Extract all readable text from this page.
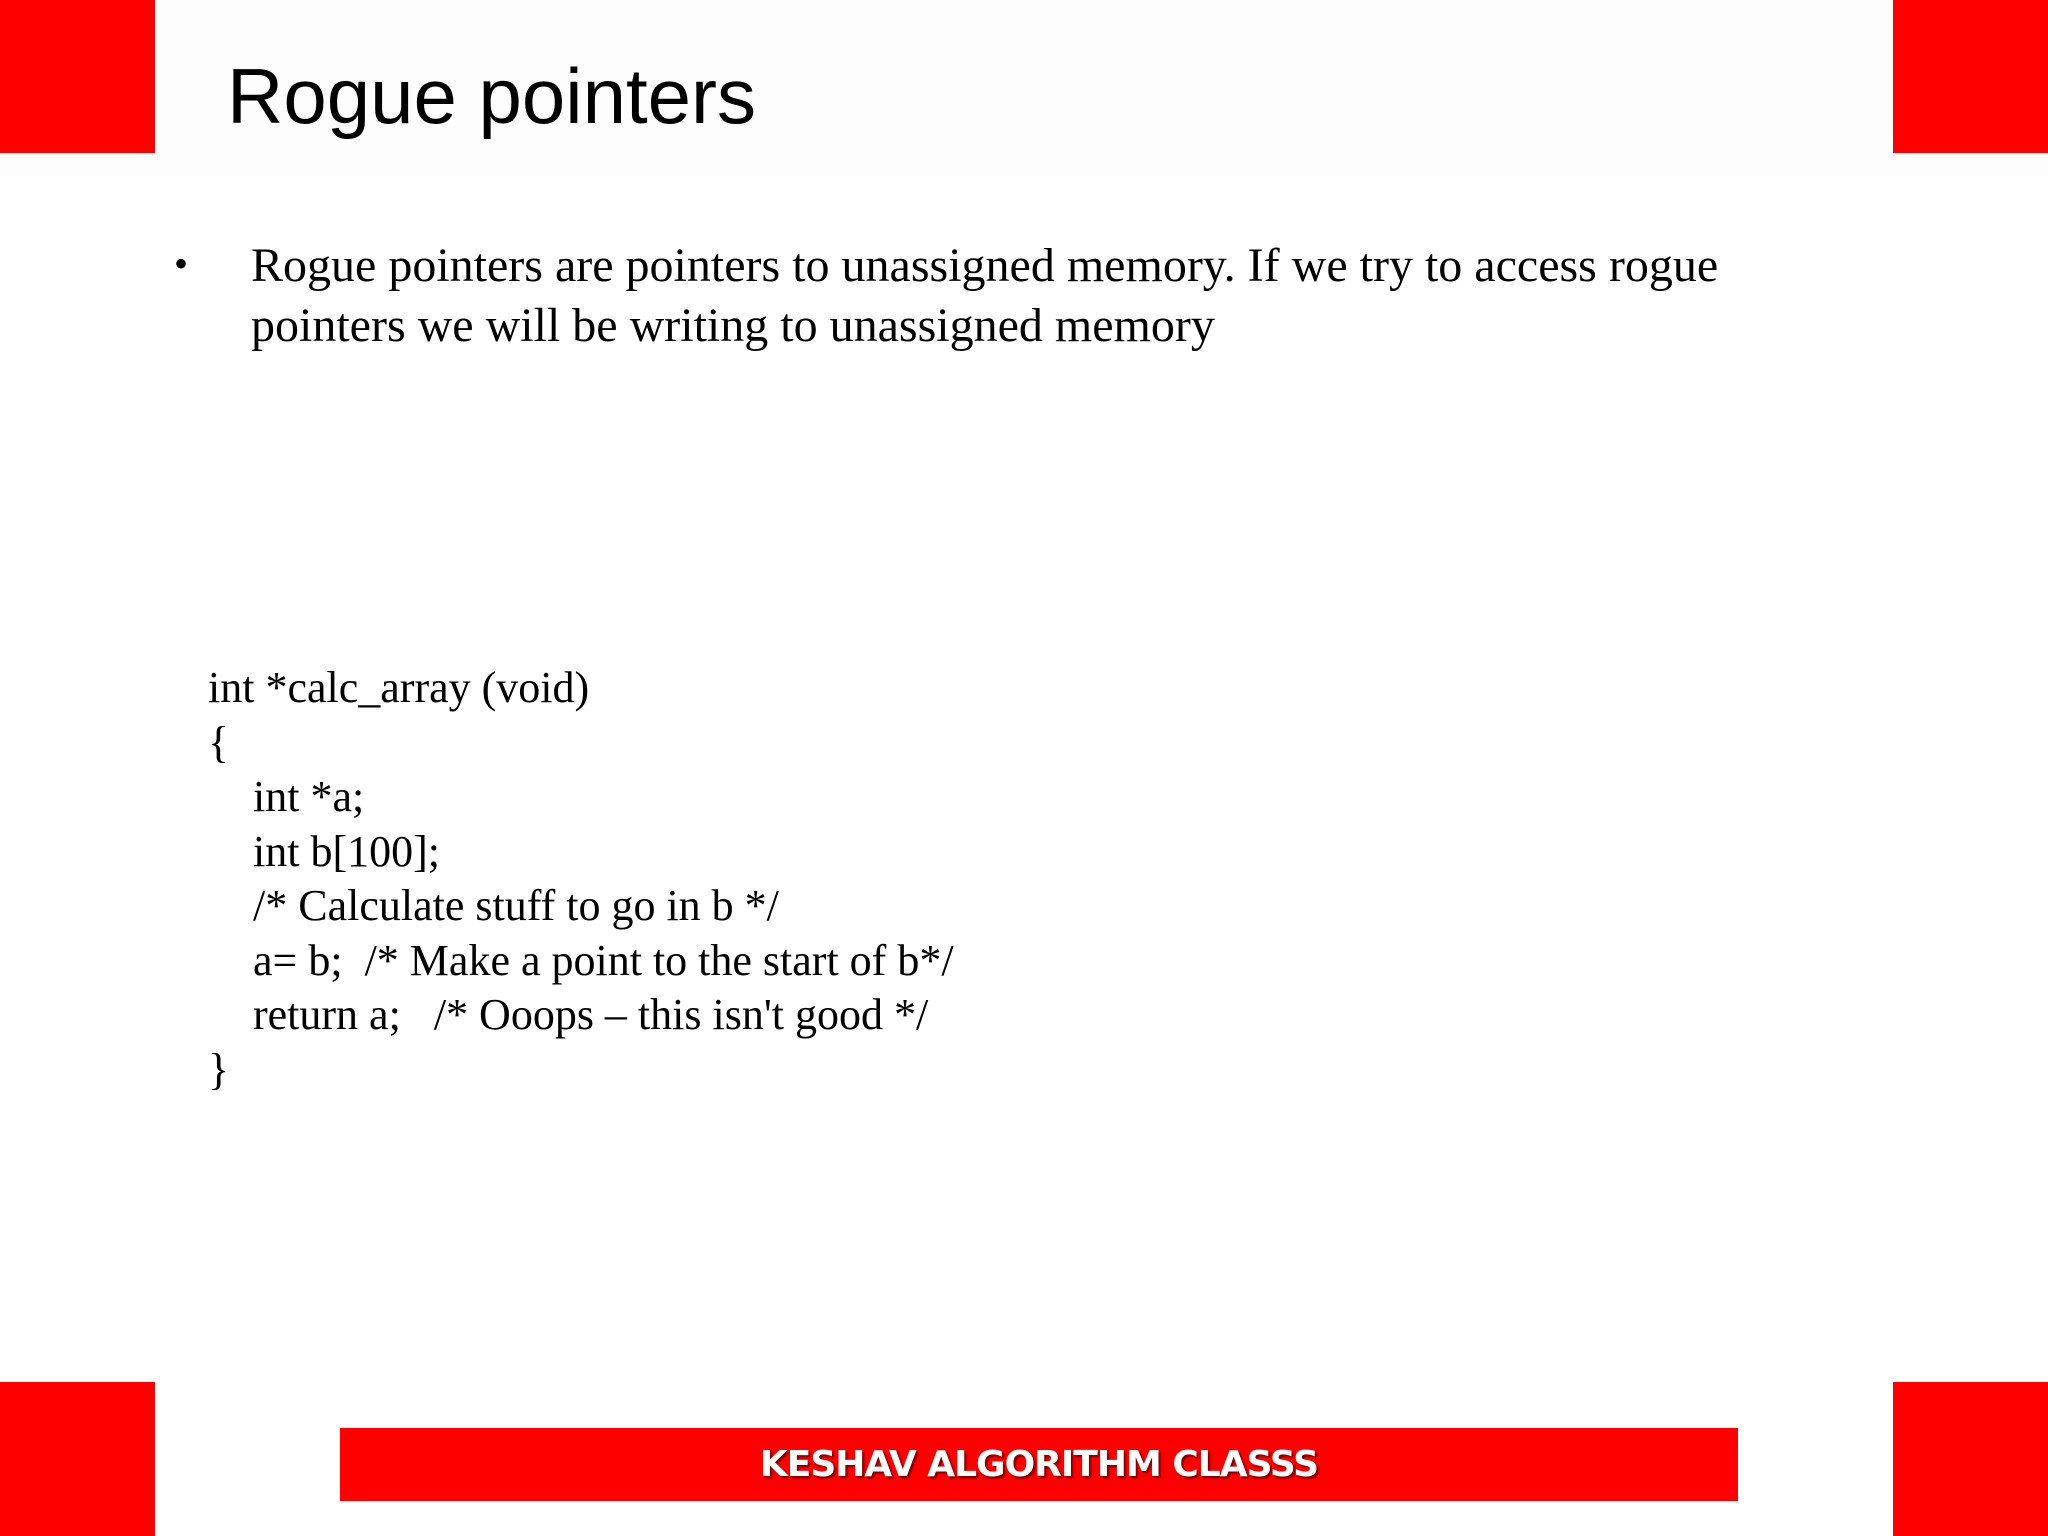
Rogue pointers
• Rogue pointers are pointers to unassigned memory. If we try to access rogue pointers we will be writing to unassigned memory
int *calc_array (void)
{
int *a;
int b[100];
/* Calculate stuff to go in b */
a= b;  /* Make a point to the start of b*/
return a;   /* Ooops – this isn't good */
}
KESHAV ALGORITHM CLASSS
